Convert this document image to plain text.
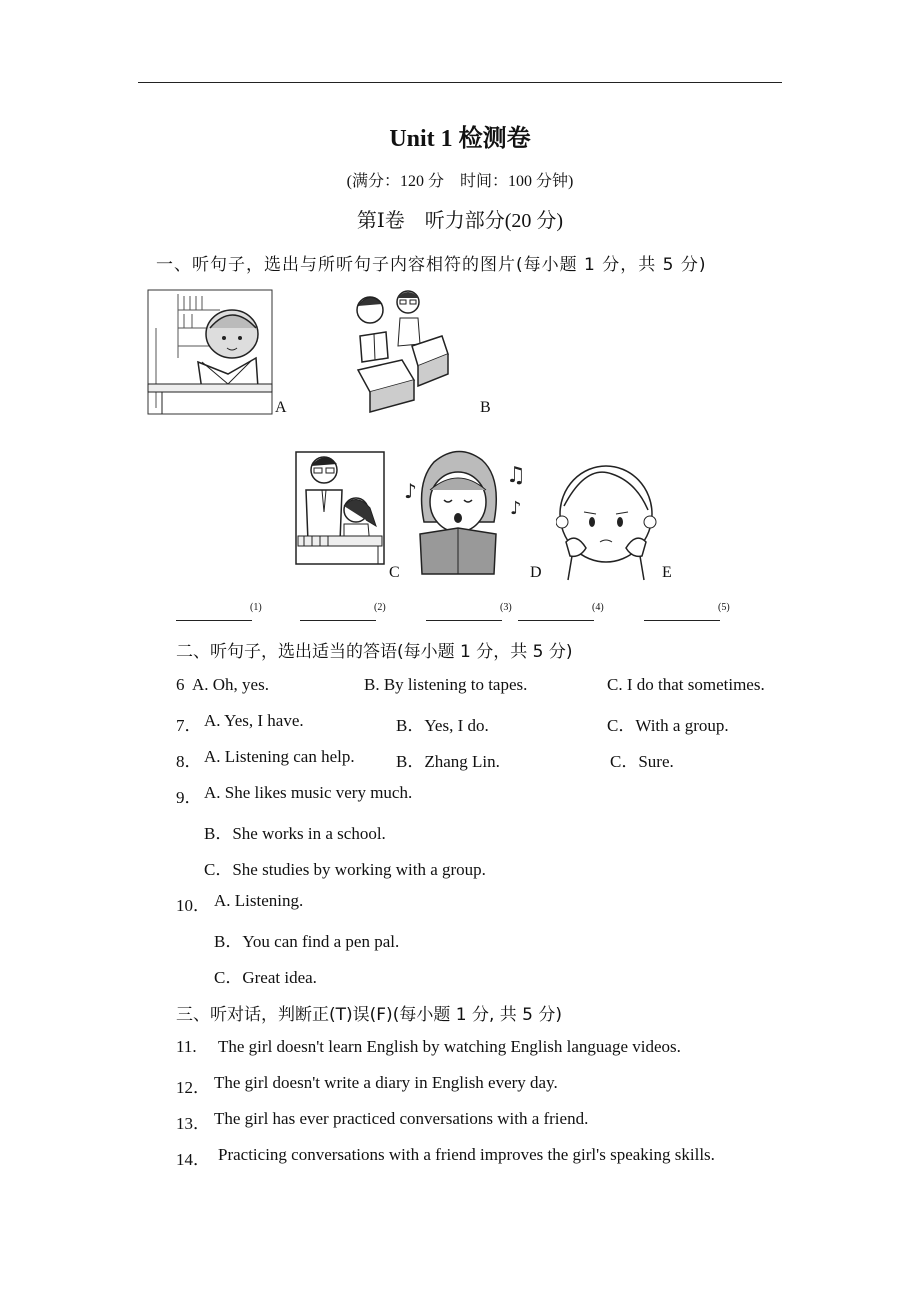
Unit 1 检测卷
(满分：120 分　时间：100 分钟)
第Ⅰ卷　听力部分(20 分)
一、听句子，选出与所听句子内容相符的图片(每小题 1 分，共 5 分)
A	B
C
♪
♫
♪
D	E
(1)	(2)	(3)	(4)	(5)
二、听句子，选出适当的答语(每小题 1 分，共 5 分)
6 A. Oh, yes.	B. By listening to tapes.	C. I do that sometimes.
7． A. Yes, I have.	B．Yes, I do.	C．With a group.
8． A. Listening can help. B．Zhang Lin.	C．Sure.
9． A. She likes music very much.
B．She works in a school.
C．She studies by working with a group.
10． A. Listening.
B．You can find a pen pal.
C．Great idea.
三、听对话，判断正(T)误(F)(每小题 1 分, 共 5 分)
11. The girl doesn't learn English by watching English language videos.
12． The girl doesn't write a diary in English every day.
13． The girl has ever practiced conversations with a friend.
14． Practicing conversations with a friend improves the girl's speaking skills.
